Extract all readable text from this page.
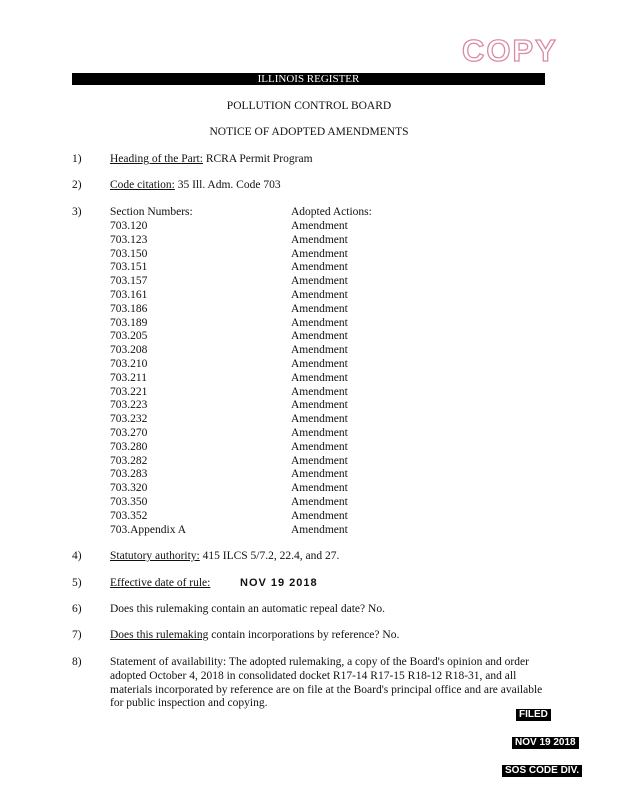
COPY
ILLINOIS REGISTER
POLLUTION CONTROL BOARD
NOTICE OF ADOPTED AMENDMENTS
1) Heading of the Part: RCRA Permit Program
2) Code citation: 35 Ill. Adm. Code 703
3) Section Numbers:	Adopted Actions:
703.120
703.123
703.150
703.151
703.157
703.161
703.186
703.189
703.205
703.208
703.210
703.211
703.221
703.223
703.232
703.270
703.280
703.282
703.283
703.320
703.350
703.352
703.Appendix A
Amendment
Amendment
Amendment
Amendment
Amendment
Amendment
Amendment
Amendment
Amendment
Amendment
Amendment
Amendment
Amendment
Amendment
Amendment
Amendment
Amendment
Amendment
Amendment
Amendment
Amendment
Amendment
Amendment
4) Statutory authority: 415 ILCS 5/7.2, 22.4, and 27.
5) Effective date of rule:	NOV 19 2018
6) Does this rulemaking contain an automatic repeal date? No.
7) Does this rulemaking contain incorporations by reference? No.
8) Statement of availability: The adopted rulemaking, a copy of the Board's opinion and order adopted October 4, 2018 in consolidated docket R17-14 R17-15 R18-12 R18-31, and all materials incorporated by reference are on file at the Board's principal office and are available for public inspection and copying.
FILED
NOV 19 2018
SOS CODE DIV.
